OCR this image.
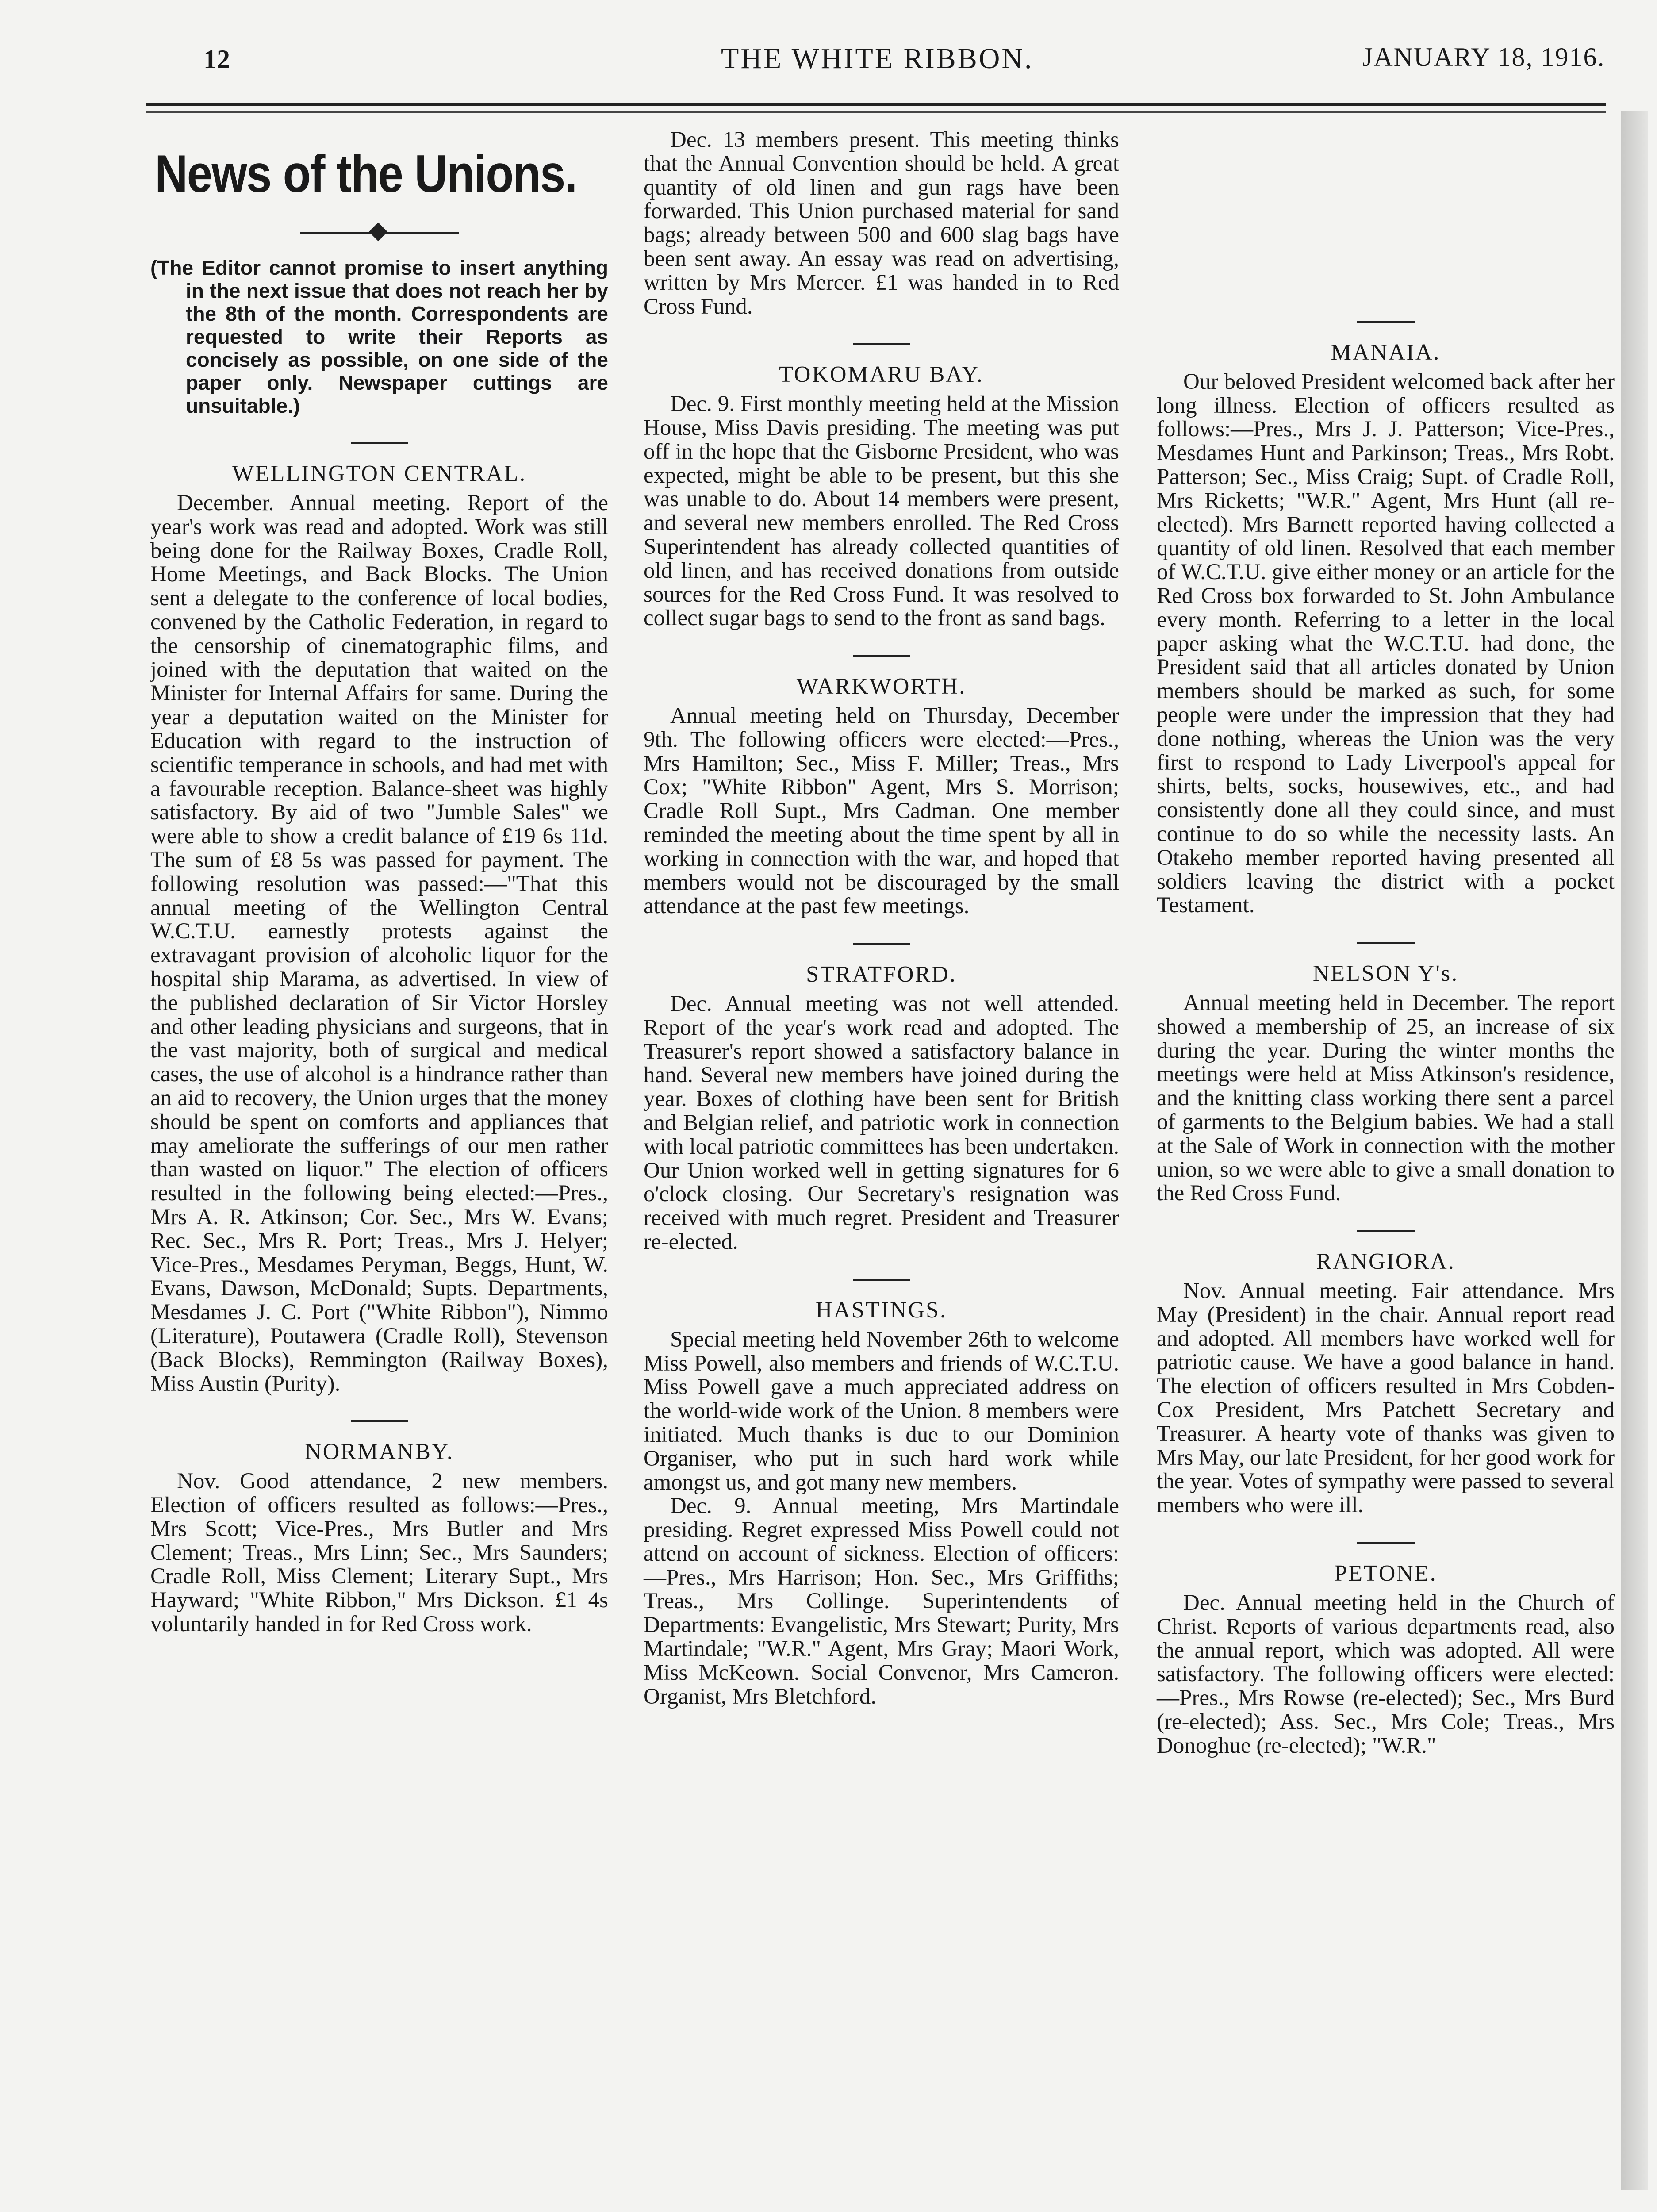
12	THE WHITE RIBBON.	JANUARY 18, 1916.
News of the Unions.
(The Editor cannot promise to insert anything in the next issue that does not reach her by the 8th of the month. Correspondents are requested to write their Reports as concisely as possible, on one side of the paper only. Newspaper cuttings are unsuitable.)
WELLINGTON CENTRAL.

December. Annual meeting. Report of the year's work was read and adopted. Work was still being done for the Railway Boxes, Cradle Roll, Home Meetings, and Back Blocks. The Union sent a delegate to the conference of local bodies, convened by the Catholic Federation, in regard to the censorship of cinematographic films, and joined with the deputation that waited on the Minister for Internal Affairs for same. During the year a deputation waited on the Minister for Education with regard to the instruction of scientific temperance in schools, and had met with a favourable reception. Balance-sheet was highly satisfactory. By aid of two "Jumble Sales" we were able to show a credit balance of £19 6s 11d. The sum of £8 5s was passed for payment. The following resolution was passed:—"That this annual meeting of the Wellington Central W.C.T.U. earnestly protests against the extravagant provision of alcoholic liquor for the hospital ship Marama, as advertised. In view of the published declaration of Sir Victor Horsley and other leading physicians and surgeons, that in the vast majority, both of surgical and medical cases, the use of alcohol is a hindrance rather than an aid to recovery, the Union urges that the money should be spent on comforts and appliances that may ameliorate the sufferings of our men rather than wasted on liquor." The election of officers resulted in the following being elected:—Pres., Mrs A. R. Atkinson; Cor. Sec., Mrs W. Evans; Rec. Sec., Mrs R. Port; Treas., Mrs J. Helyer; Vice-Pres., Mesdames Peryman, Beggs, Hunt, W. Evans, Dawson, McDonald; Supts. Departments, Mesdames J. C. Port ("White Ribbon"), Nimmo (Literature), Poutawera (Cradle Roll), Stevenson (Back Blocks), Remmington (Railway Boxes), Miss Austin (Purity).

NORMANBY.

Nov. Good attendance, 2 new members. Election of officers resulted as follows:—Pres., Mrs Scott; Vice-Pres., Mrs Butler and Mrs Clement; Treas., Mrs Linn; Sec., Mrs Saunders; Cradle Roll, Miss Clement; Literary Supt., Mrs Hayward; "White Ribbon," Mrs Dickson. £1 4s voluntarily handed in for Red Cross work.

Dec. 13 members present. This meeting thinks that the Annual Convention should be held. A great quantity of old linen and gun rags have been forwarded. This Union purchased material for sand bags; already between 500 and 600 slag bags have been sent away. An essay was read on advertising, written by Mrs Mercer. £1 was handed in to Red Cross Fund.

TOKOMARU BAY.

Dec. 9. First monthly meeting held at the Mission House, Miss Davis presiding. The meeting was put off in the hope that the Gisborne President, who was expected, might be able to be present, but this she was unable to do. About 14 members were present, and several new members enrolled. The Red Cross Superintendent has already collected quantities of old linen, and has received donations from outside sources for the Red Cross Fund. It was resolved to collect sugar bags to send to the front as sand bags.

WARKWORTH.

Annual meeting held on Thursday, December 9th. The following officers were elected:—Pres., Mrs Hamilton; Sec., Miss F. Miller; Treas., Mrs Cox; "White Ribbon" Agent, Mrs S. Morrison; Cradle Roll Supt., Mrs Cadman. One member reminded the meeting about the time spent by all in working in connection with the war, and hoped that members would not be discouraged by the small attendance at the past few meetings.

STRATFORD.

Dec. Annual meeting was not well attended. Report of the year's work read and adopted. The Treasurer's report showed a satisfactory balance in hand. Several new members have joined during the year. Boxes of clothing have been sent for British and Belgian relief, and patriotic work in connection with local patriotic committees has been undertaken. Our Union worked well in getting signatures for 6 o'clock closing. Our Secretary's resignation was received with much regret. President and Treasurer re-elected.

HASTINGS.

Special meeting held November 26th to welcome Miss Powell, also members and friends of W.C.T.U. Miss Powell gave a much appreciated address on the world-wide work of the Union. 8 members were initiated. Much thanks is due to our Dominion Organiser, who put in such hard work while amongst us, and got many new members.

Dec. 9. Annual meeting, Mrs Martindale presiding. Regret expressed Miss Powell could not attend on account of sickness. Election of officers:—Pres., Mrs Harrison; Hon. Sec., Mrs Griffiths; Treas., Mrs Collinge. Superintendents of Departments: Evangelistic, Mrs Stewart; Purity, Mrs Martindale; "W.R." Agent, Mrs Gray; Maori Work, Miss McKeown. Social Convenor, Mrs Cameron. Organist, Mrs Bletchford.

MANAIA.

Our beloved President welcomed back after her long illness. Election of officers resulted as follows:—Pres., Mrs J. J. Patterson; Vice-Pres., Mesdames Hunt and Parkinson; Treas., Mrs Robt. Patterson; Sec., Miss Craig; Supt. of Cradle Roll, Mrs Ricketts; "W.R." Agent, Mrs Hunt (all re-elected). Mrs Barnett reported having collected a quantity of old linen. Resolved that each member of W.C.T.U. give either money or an article for the Red Cross box forwarded to St. John Ambulance every month. Referring to a letter in the local paper asking what the W.C.T.U. had done, the President said that all articles donated by Union members should be marked as such, for some people were under the impression that they had done nothing, whereas the Union was the very first to respond to Lady Liverpool's appeal for shirts, belts, socks, housewives, etc., and had consistently done all they could since, and must continue to do so while the necessity lasts. An Otakeho member reported having presented all soldiers leaving the district with a pocket Testament.

NELSON Y's.

Annual meeting held in December. The report showed a membership of 25, an increase of six during the year. During the winter months the meetings were held at Miss Atkinson's residence, and the knitting class working there sent a parcel of garments to the Belgium babies. We had a stall at the Sale of Work in connection with the mother union, so we were able to give a small donation to the Red Cross Fund.

RANGIORA.

Nov. Annual meeting. Fair attendance. Mrs May (President) in the chair. Annual report read and adopted. All members have worked well for patriotic cause. We have a good balance in hand. The election of officers resulted in Mrs Cobden-Cox President, Mrs Patchett Secretary and Treasurer. A hearty vote of thanks was given to Mrs May, our late President, for her good work for the year. Votes of sympathy were passed to several members who were ill.

PETONE.

Dec. Annual meeting held in the Church of Christ. Reports of various departments read, also the annual report, which was adopted. All were satisfactory. The following officers were elected:—Pres., Mrs Rowse (re-elected); Sec., Mrs Burd (re-elected); Ass. Sec., Mrs Cole; Treas., Mrs Donoghue (re-elected); "W.R."
